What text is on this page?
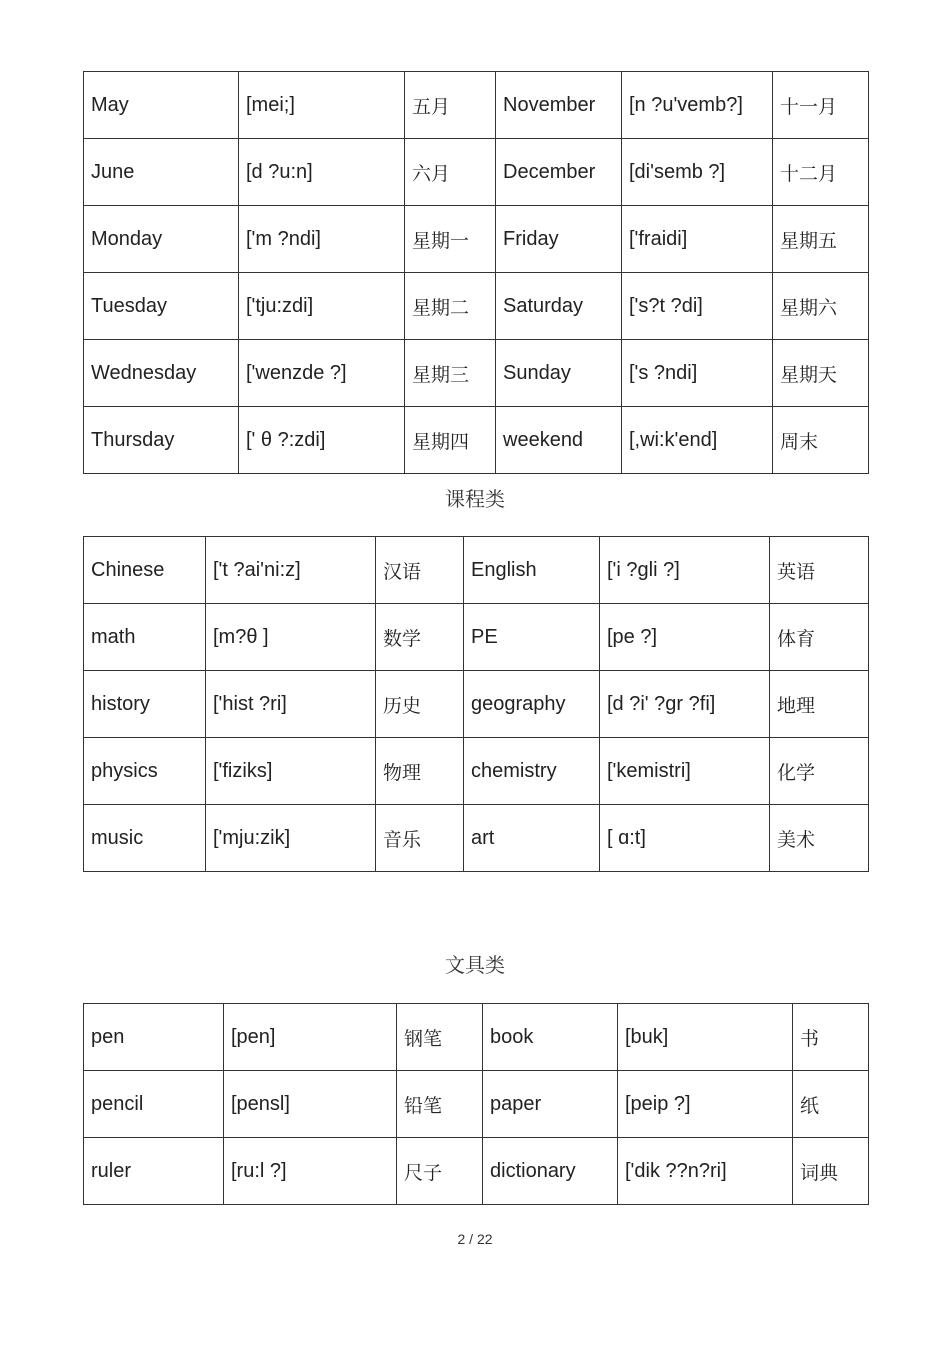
May	[mei;]	五月	November	[n ?u'vemb?]	十一月
June	[d ?u:n]	六月	December	[di'semb ?]	十二月
Monday	['m ?ndi]	星期一	Friday	['fraidi]	星期五
Tuesday	['tju:zdi]	星期二	Saturday	['s?t ?di]	星期六
Wednesday	['wenzde ?]	星期三	Sunday	['s ?ndi]	星期天
Thursday	[' θ ?:zdi]	星期四	weekend	[,wi:k'end]	周末
课程类
Chinese	['t ?ai'ni:z]	汉语	English	['i ?gli ?]	英语
math	[m?θ ]	数学	PE	[pe ?]	体育
history	['hist ?ri]	历史	geography	[d ?i' ?gr ?fi]	地理
physics	['fiziks]	物理	chemistry	['kemistri]	化学
music	['mju:zik]	音乐	art	[ ɑ:t]	美术
文具类
pen	[pen]	钢笔	book	[buk]	书
pencil	[pensl]	铅笔	paper	[peip ?]	纸
ruler	[ru:l ?]	尺子	dictionary	['dik ??n?ri]	词典
2 / 22
